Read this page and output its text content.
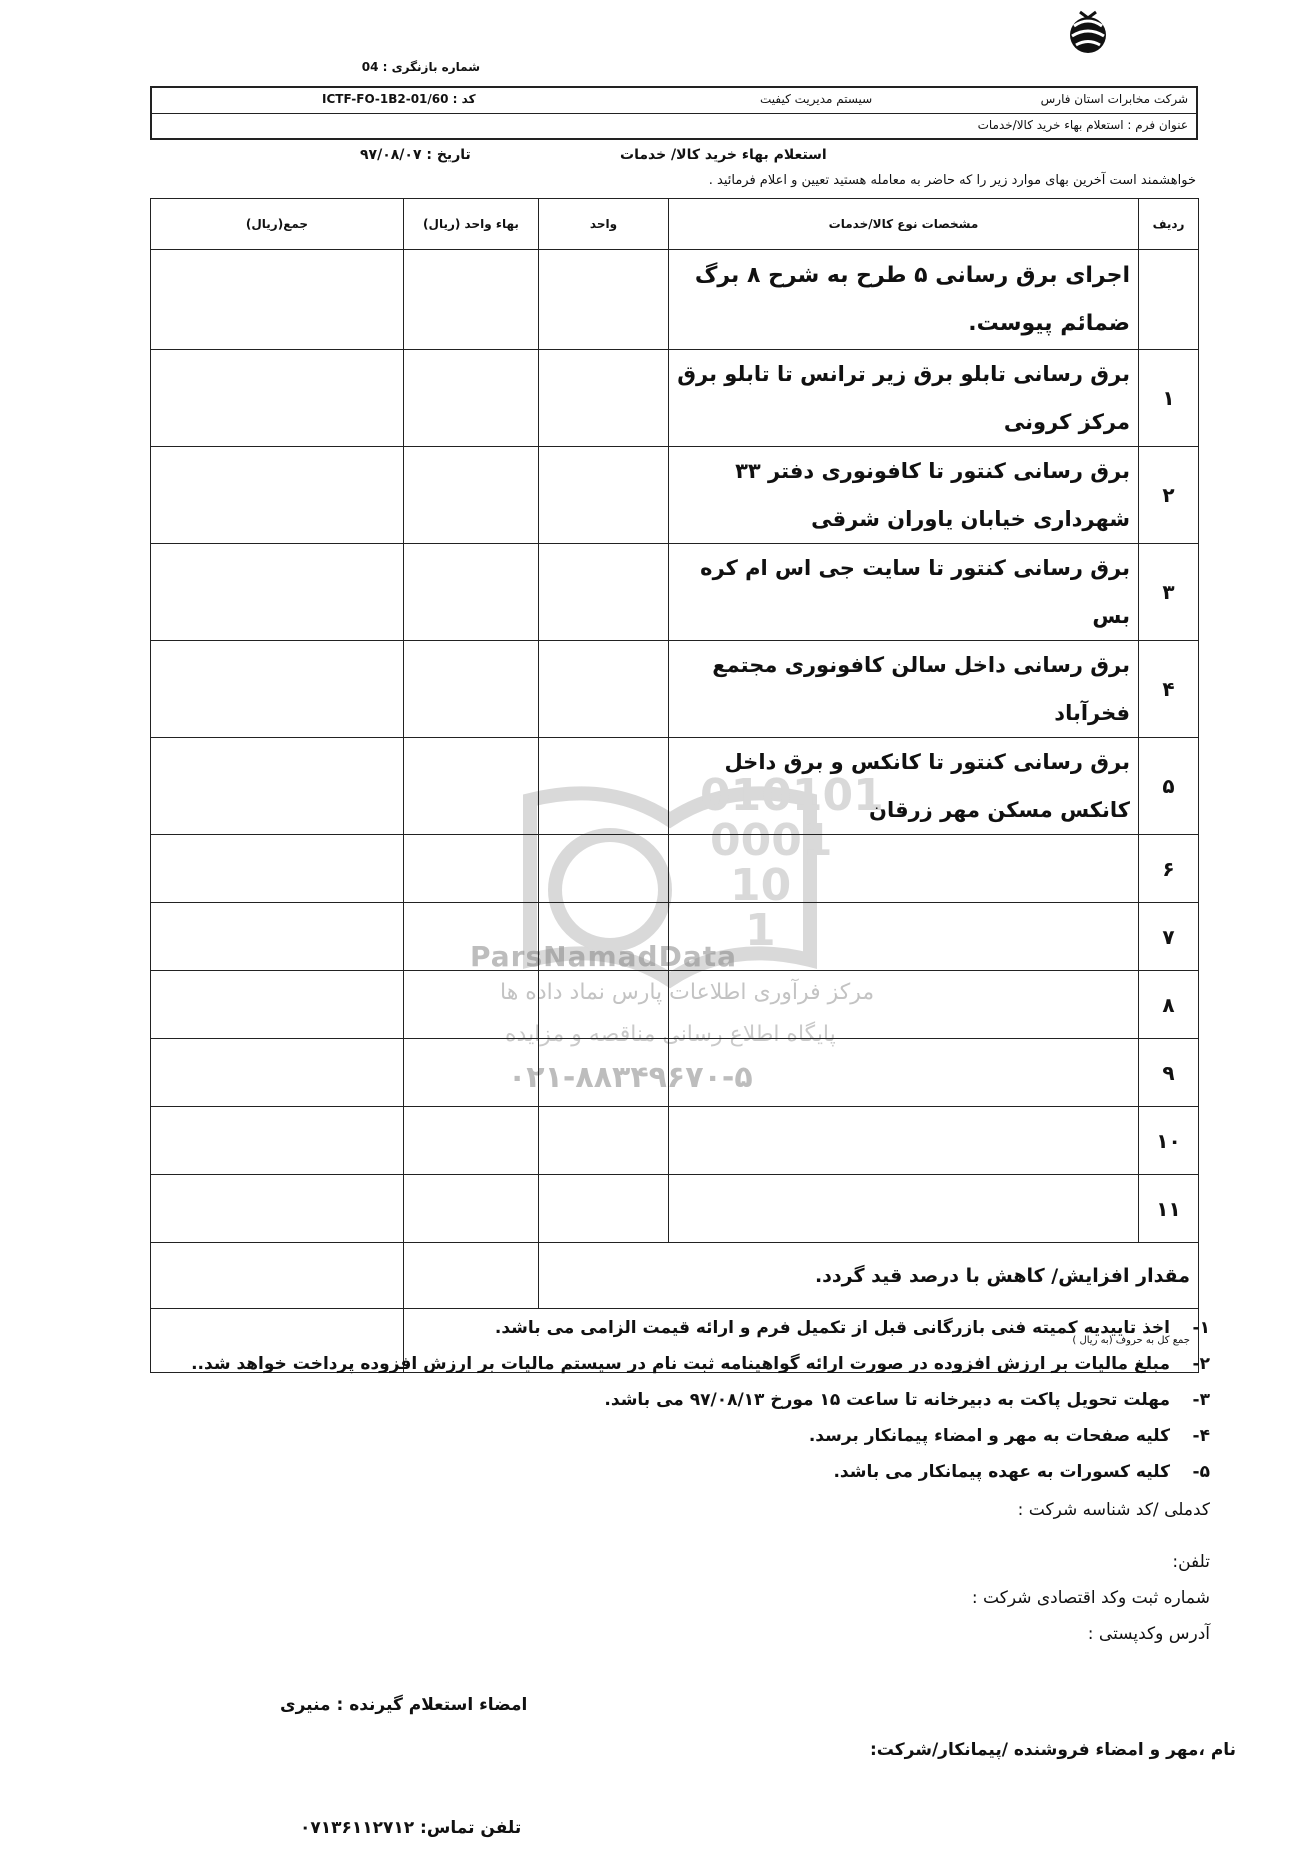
شماره بازنگری : 04
شرکت مخابرات استان فارس
سیستم مدیریت کیفیت
کد : ICTF-FO-1B2-01/60
عنوان فرم : استعلام بهاء خرید کالا/خدمات
استعلام بهاء خرید کالا/ خدمات
تاریخ : ۹۷/۰۸/۰۷
خواهشمند است آخرین بهای موارد زیر را که حاضر به معامله هستید تعیین و اعلام فرمائید .
010101
0001
10
1
ParsNamadData
مرکز فرآوری اطلاعات پارس نماد داده ها
پایگاه اطلاع رسانی مناقصه و مزایده
۰۲۱-۸۸۳۴۹۶۷۰-۵
ردیف	مشخصات نوع کالا/خدمات	واحد	بهاء واحد (ریال)	جمع(ریال)
	اجرای برق رسانی ۵ طرح به شرح ۸ برگ ضمائم پیوست.			
۱	برق رسانی تابلو برق زیر ترانس تا تابلو برق مرکز کرونی			
۲	برق رسانی کنتور تا کافونوری دفتر ۳۳ شهرداری خیابان یاوران شرقی			
۳	برق رسانی کنتور تا سایت جی اس ام کره بس			
۴	برق رسانی داخل سالن کافونوری مجتمع فخرآباد			
۵	برق رسانی کنتور تا کانکس و برق داخل کانکس مسکن مهر زرقان			
۶				
۷				
۸				
۹				
۱۰				
۱۱				
مقدار افزایش/ کاهش با درصد قید گردد.				
جمع کل به حروف (به ریال )				
۱-اخذ تاییدیه کمیته فنی بازرگانی قبل از تکمیل فرم و ارائه قیمت الزامی می باشد.
۲-مبلغ مالیات بر ارزش افزوده در صورت ارائه گواهینامه ثبت نام در سیستم مالیات بر ارزش افزوده پرداخت خواهد شد..
۳-مهلت تحویل پاکت به دبیرخانه تا ساعت ۱۵ مورخ ۹۷/۰۸/۱۳ می باشد.
۴-کلیه صفحات به مهر و امضاء پیمانکار برسد.
۵-کلیه کسورات به عهده پیمانکار می باشد.
کدملی /کد شناسه شرکت :
تلفن:
شماره ثبت وکد اقتصادی شرکت :
آدرس وکدپستی :
امضاء استعلام گیرنده : منیری
نام ،مهر و امضاء فروشنده /پیمانکار/شرکت:
تلفن تماس: ۰۷۱۳۶۱۱۲۷۱۲
